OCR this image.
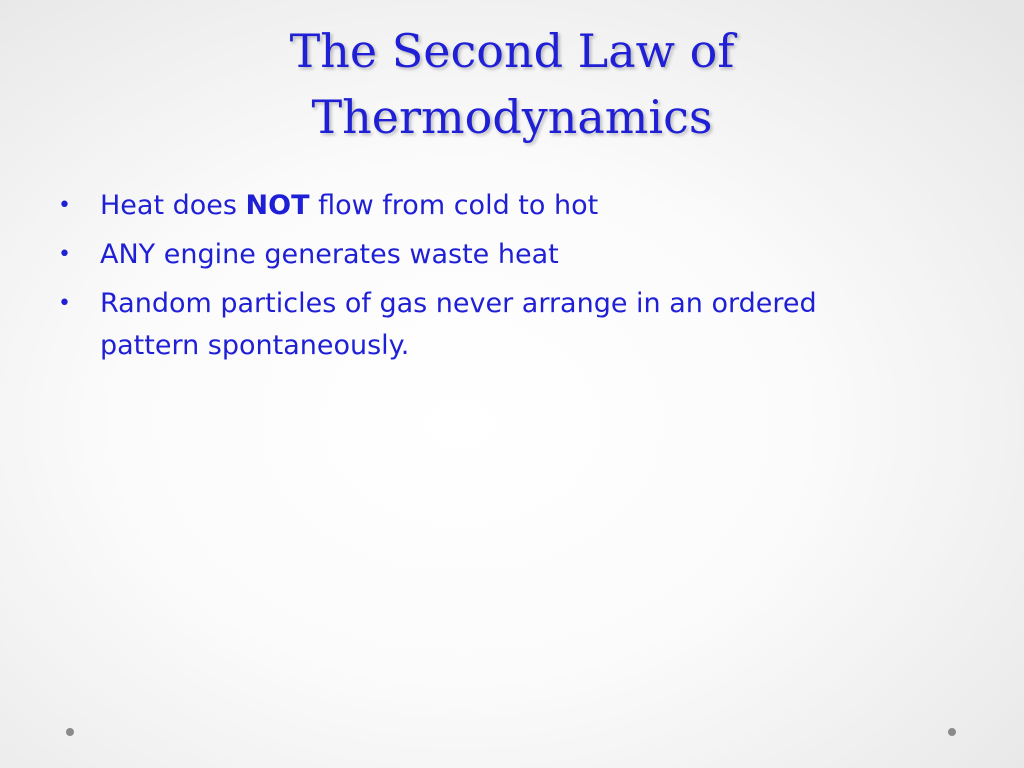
The Second Law of
Thermodynamics
• Heat does NOT flow from cold to hot
• ANY engine generates waste heat
• Random particles of gas never arrange in an ordered pattern spontaneously.
